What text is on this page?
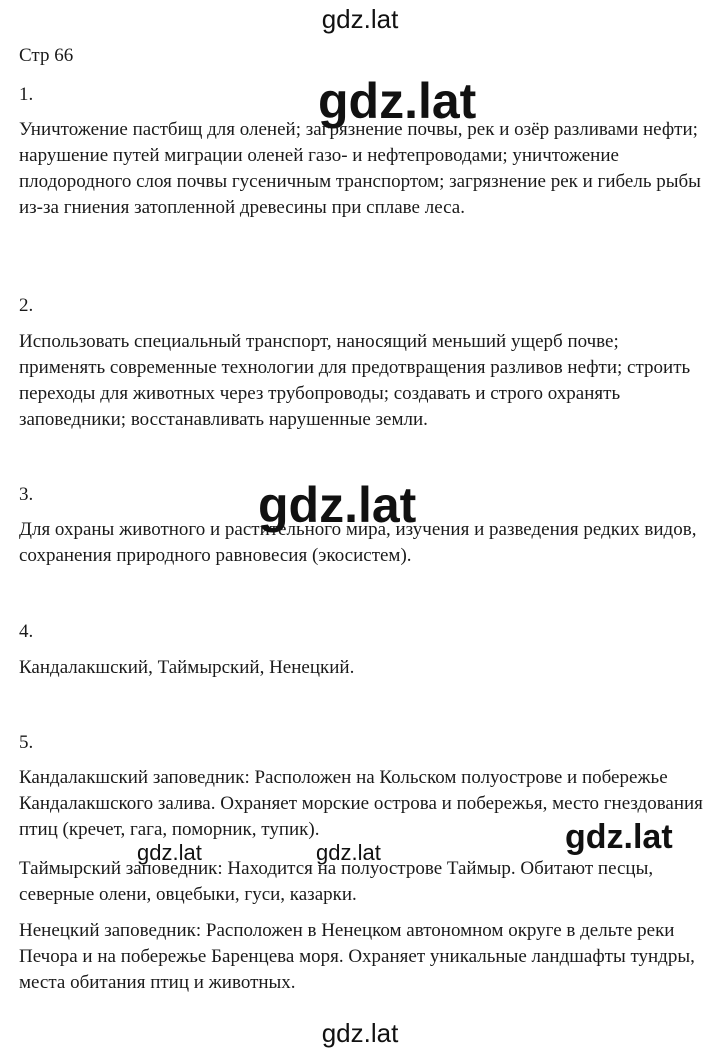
Стр 66

1.

Уничтожение пастбищ для оленей; загрязнение почвы, рек и озёр разливами нефти; нарушение путей миграции оленей газо- и нефтепроводами; уничтожение плодородного слоя почвы гусеничным транспортом; загрязнение рек и гибель рыбы из-за гниения затопленной древесины при сплаве леса.

2.

Использовать специальный транспорт, наносящий меньший ущерб почве; применять современные технологии для предотвращения разливов нефти; строить переходы для животных через трубопроводы; создавать и строго охранять заповедники; восстанавливать нарушенные земли.

3.

Для охраны животного и растительного мира, изучения и разведения редких видов, сохранения природного равновесия (экосистем).

4.

Кандалакшский, Таймырский, Ненецкий.

5.

Кандалакшский заповедник: Расположен на Кольском полуострове и побережье Кандалакшского залива. Охраняет морские острова и побережья, место гнездования птиц (кречет, гага, поморник, тупик).

Таймырский заповедник: Находится на полуострове Таймыр. Обитают песцы, северные олени, овцебыки, гуси, казарки.

Ненецкий заповедник: Расположен в Ненецком автономном округе в дельте реки Печора и на побережье Баренцева моря. Охраняет уникальные ландшафты тундры, места обитания птиц и животных.

gdz.lat
gdz.lat
gdz.lat
gdz.lat
gdz.lat	gdz.lat
gdz.lat
